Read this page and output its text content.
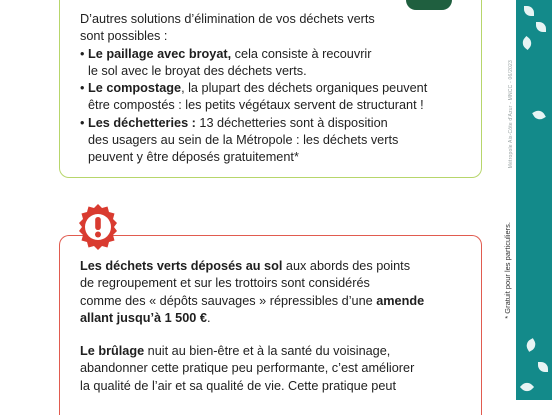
Métropole Aix-Côte d'Azur - MNCC - 06/2023
* Gratuit pour les particuliers.
D’autres solutions d’élimination de vos déchets verts
sont possibles :
• Le paillage avec broyat, cela consiste à recouvrir
le sol avec le broyat des déchets verts.
• Le compostage, la plupart des déchets organiques peuvent
être compostés : les petits végétaux servent de structurant !
• Les déchetteries : 13 déchetteries sont à disposition
des usagers au sein de la Métropole : les déchets verts
peuvent y être déposés gratuitement*
Les déchets verts déposés au sol aux abords des points
de regroupement et sur les trottoirs sont considérés
comme des « dépôts sauvages » répressibles d’une amende
allant jusqu’à 1 500 €.
Le brûlage nuit au bien-être et à la santé du voisinage,
abandonner cette pratique peu performante, c’est améliorer
la qualité de l’air et sa qualité de vie. Cette pratique peut
